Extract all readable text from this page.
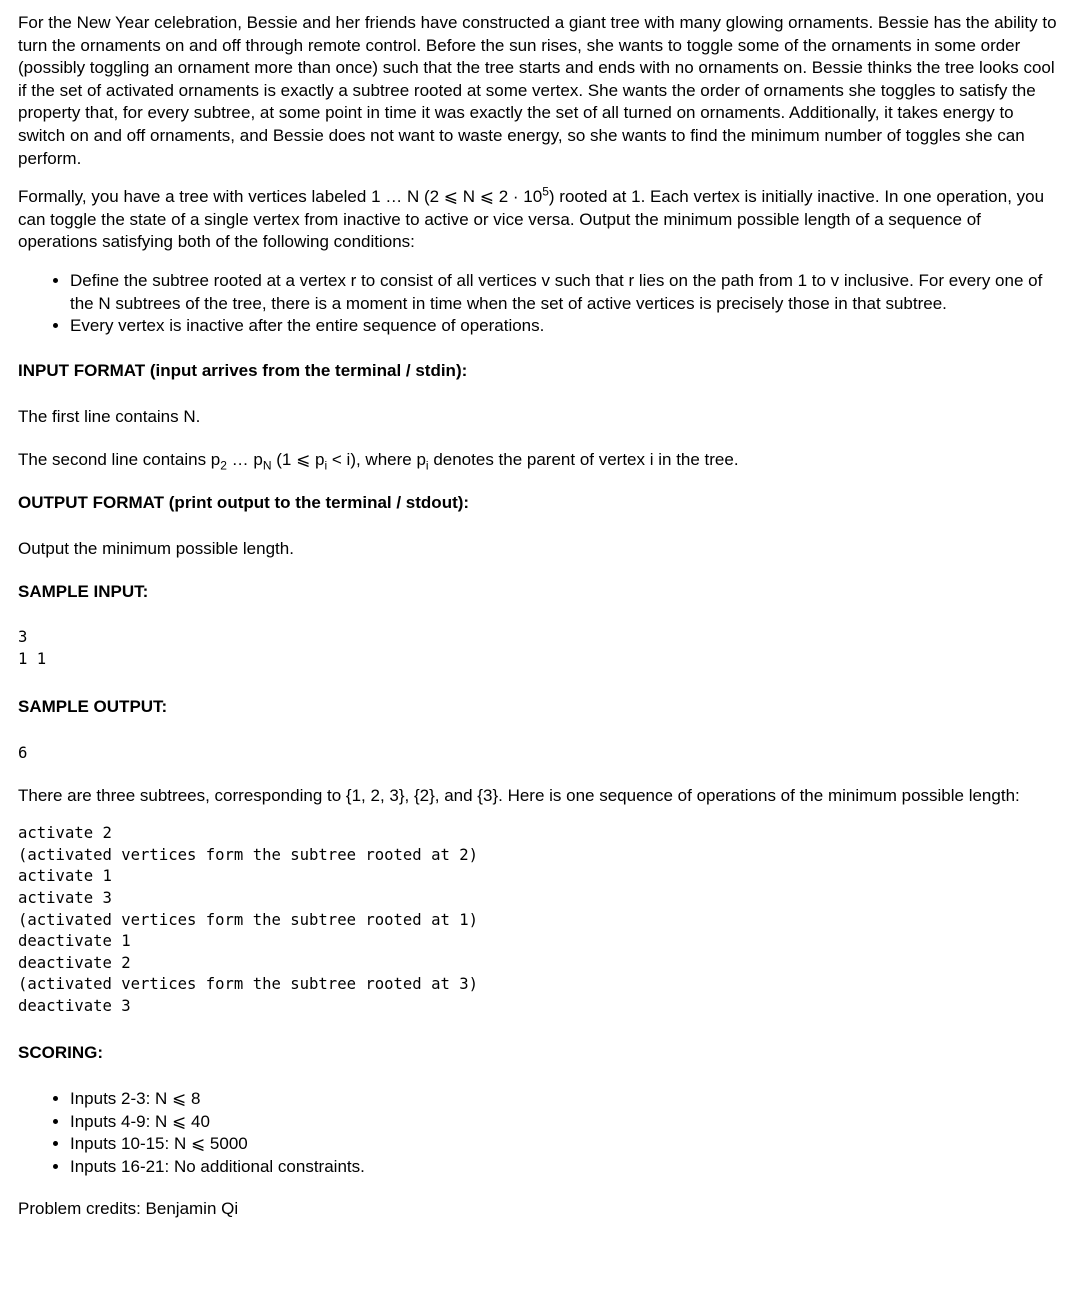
For the New Year celebration, Bessie and her friends have constructed a giant tree with many glowing ornaments. Bessie has the ability to turn the ornaments on and off through remote control. Before the sun rises, she wants to toggle some of the ornaments in some order (possibly toggling an ornament more than once) such that the tree starts and ends with no ornaments on. Bessie thinks the tree looks cool if the set of activated ornaments is exactly a subtree rooted at some vertex. She wants the order of ornaments she toggles to satisfy the property that, for every subtree, at some point in time it was exactly the set of all turned on ornaments. Additionally, it takes energy to switch on and off ornaments, and Bessie does not want to waste energy, so she wants to find the minimum number of toggles she can perform.

Formally, you have a tree with vertices labeled 1 … N (2 ⩽ N ⩽ $2 \cdot 10^5$) rooted at 1. Each vertex is initially inactive. In one operation, you can toggle the state of a single vertex from inactive to active or vice versa. Output the minimum possible length of a sequence of operations satisfying both of the following conditions:

• Define the subtree rooted at a vertex r to consist of all vertices v such that r lies on the path from 1 to v inclusive. For every one of the N subtrees of the tree, there is a moment in time when the set of active vertices is precisely those in that subtree.
• Every vertex is inactive after the entire sequence of operations.
INPUT FORMAT (input arrives from the terminal / stdin):

The first line contains N.

The second line contains $p_2$ … $p_N$ (1 ⩽ $p_i < i$), where $p_i$ denotes the parent of vertex i in the tree.

OUTPUT FORMAT (print output to the terminal / stdout):

Output the minimum possible length.

SAMPLE INPUT:
3
1 1
SAMPLE OUTPUT:
6

There are three subtrees, corresponding to {1, 2, 3}, {2}, and {3}. Here is one sequence of operations of the minimum possible length:

activate 2
(activated vertices form the subtree rooted at 2)
activate 1
activate 3
(activated vertices form the subtree rooted at 1)
deactivate 1
deactivate 2
(activated vertices form the subtree rooted at 3)
deactivate 3
SCORING:
• Inputs 2-3: N ⩽ 8
• Inputs 4-9: N ⩽ 40
• Inputs 10-15: N ⩽ 5000
• Inputs 16-21: No additional constraints.

Problem credits: Benjamin Qi
